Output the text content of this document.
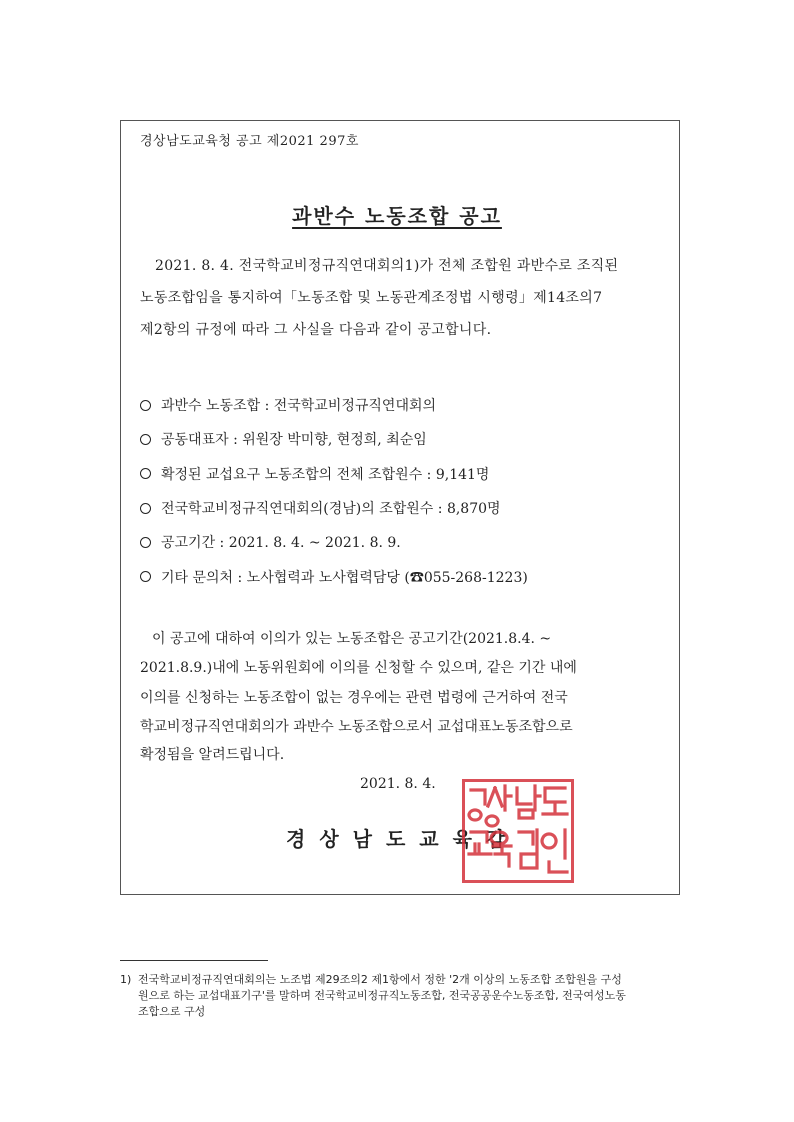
경상남도교육청 공고 제2021 297호
과반수 노동조합 공고
2021. 8. 4. 전국학교비정규직연대회의1)가 전체 조합원 과반수로 조직된
노동조합임을 통지하여「노동조합 및 노동관계조정법 시행령」제14조의7
제2항의 규정에 따라 그 사실을 다음과 같이 공고합니다.
과반수 노동조합 : 전국학교비정규직연대회의
공동대표자 : 위원장 박미향, 현정희, 최순임
확정된 교섭요구 노동조합의 전체 조합원수 : 9,141명
전국학교비정규직연대회의(경남)의 조합원수 : 8,870명
공고기간 : 2021. 8. 4. ~ 2021. 8. 9.
기타 문의처 : 노사협력과 노사협력담당 (☎055-268-1223)
이 공고에 대하여 이의가 있는 노동조합은 공고기간(2021.8.4. ~
2021.8.9.)내에 노동위원회에 이의를 신청할 수 있으며, 같은 기간 내에
이의를 신청하는 노동조합이 없는 경우에는 관련 법령에 근거하여 전국
학교비정규직연대회의가 과반수 노동조합으로서 교섭대표노동조합으로
확정됨을 알려드립니다.
2021. 8. 4.
경상남도교육감
1) 전국학교비정규직연대회의는 노조법 제29조의2 제1항에서 정한 '2개 이상의 노동조합 조합원을 구성
원으로 하는 교섭대표기구'를 말하며 전국학교비정규직노동조합, 전국공공운수노동조합, 전국여성노동
조합으로 구성
